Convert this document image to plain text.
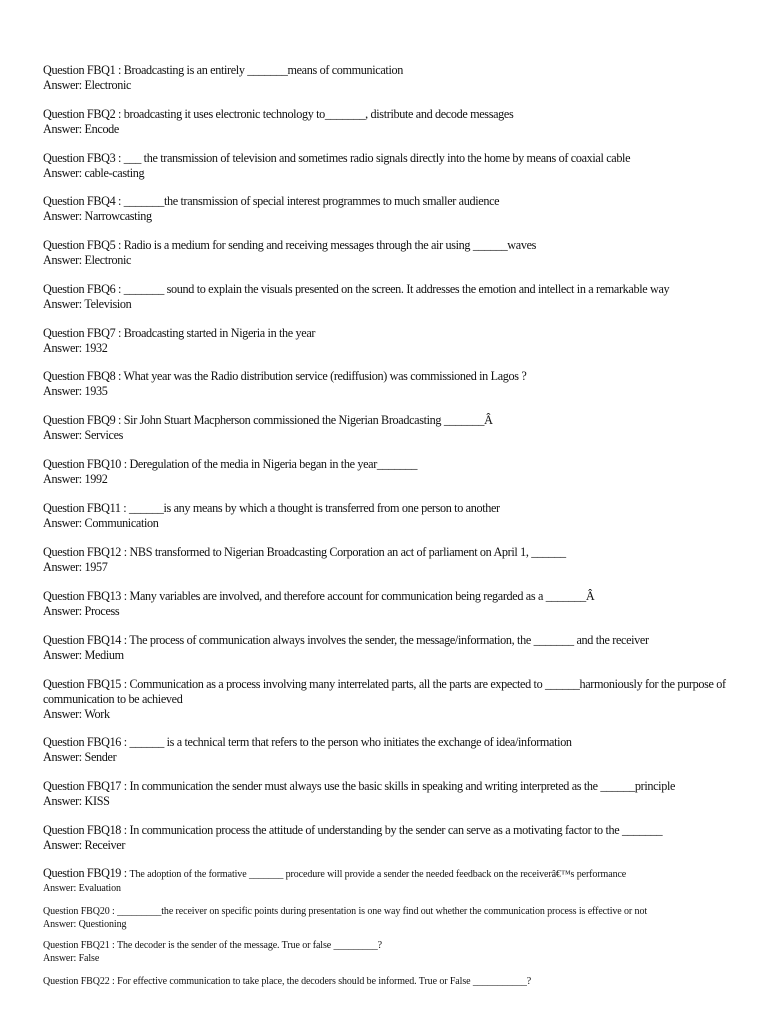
Question FBQ1 : Broadcasting is an entirely _______means of communication
Answer: Electronic
Question FBQ2 : broadcasting it uses electronic technology to_______, distribute and decode messages
Answer: Encode
Question FBQ3 : ___ the transmission of television and sometimes radio signals directly into the home by means of coaxial cable
Answer: cable-casting
Question FBQ4 : _______the transmission of special interest programmes to much smaller audience
Answer: Narrowcasting
Question FBQ5 : Radio is a medium for sending and receiving messages through the air using ______waves
Answer: Electronic
Question FBQ6 : _______ sound to explain the visuals presented on the screen. It addresses the emotion and intellect in a remarkable way
Answer: Television
Question FBQ7 : Broadcasting started in Nigeria in the year
Answer: 1932
Question FBQ8 : What year was the Radio distribution service (rediffusion) was commissioned in Lagos ?
Answer: 1935
Question FBQ9 : Sir John Stuart Macpherson commissioned the Nigerian Broadcasting _______Â
Answer: Services
Question FBQ10 : Deregulation of the media in Nigeria began in the year_______
Answer: 1992
Question FBQ11 : ______is any means by which a thought is transferred from one person to another
Answer: Communication
Question FBQ12 : NBS transformed to Nigerian Broadcasting Corporation an act of parliament on April 1, ______
Answer: 1957
Question FBQ13 : Many variables are involved, and therefore account for communication being regarded as a _______Â
Answer: Process
Question FBQ14 : The process of communication always involves the sender, the message/information, the _______ and the receiver
Answer: Medium
Question FBQ15 : Communication as a process involving many interrelated parts, all the parts are expected to ______harmoniously for the purpose of communication to be achieved
Answer: Work
Question FBQ16 : ______ is a technical term that refers to the person who initiates the exchange of idea/information
Answer: Sender
Question FBQ17 : In communication the sender must always use the basic skills in speaking and writing interpreted as the ______principle
Answer: KISS
Question FBQ18 : In communication process the attitude of understanding by the sender can serve as a motivating factor to the _______
Answer: Receiver
Question FBQ19 : The adoption of the formative _______ procedure will provide a sender the needed feedback on the receiverâ€™s performance
Answer: Evaluation
Question FBQ20 : _________the receiver on specific points during presentation is one way find out whether the communication process is effective or not
Answer: Questioning
Question FBQ21 : The decoder is the sender of the message. True or false _________?
Answer: False
Question FBQ22 : For effective communication to take place, the decoders should be informed. True or False ___________?
